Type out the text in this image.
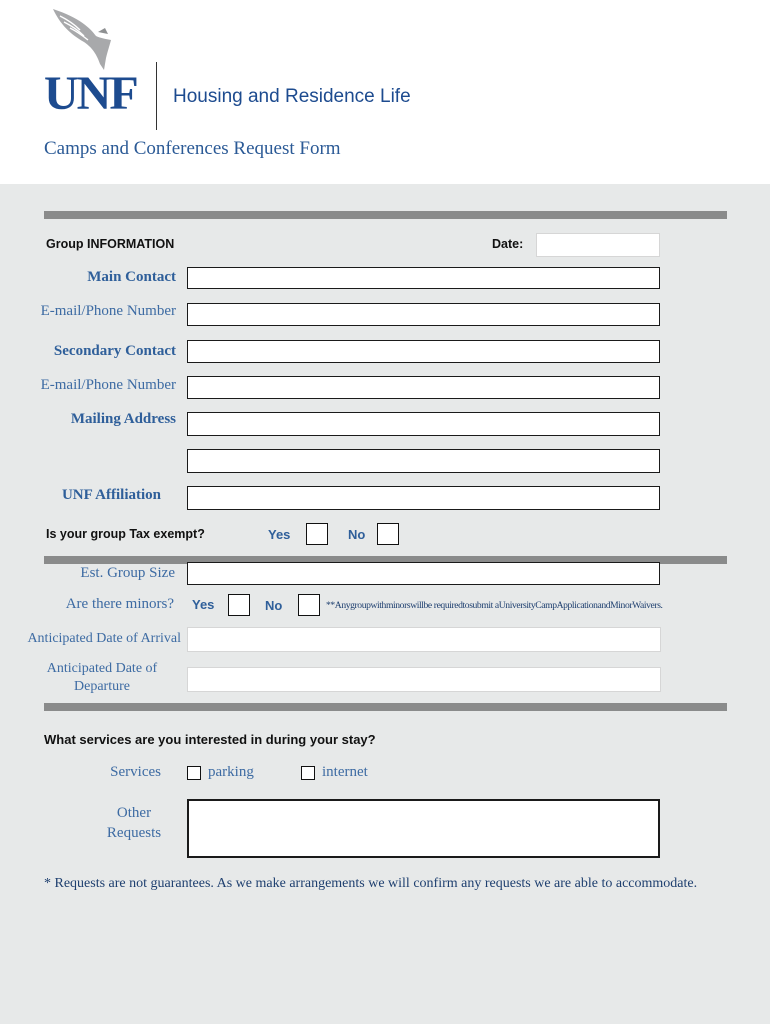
UNF Housing and Residence Life
Camps and Conferences Request Form
Group INFORMATION	Date:
Main Contact
E-mail/Phone Number
Secondary Contact
E-mail/Phone Number
Mailing Address
UNF Affiliation
Is your group Tax exempt?	Yes	No
Est. Group Size
Are there minors? Yes	No	**Anygroupwithminorswillbe requiredtosubmit aUniversityCampApplicationandMinorWaivers.
Anticipated Date of Arrival
Anticipated Date of
Departure
What services are you interested in during your stay?
Services	parking	internet
Other
Requests
* Requests are not guarantees. As we make arrangements we will confirm any requests we are able to accommodate.
